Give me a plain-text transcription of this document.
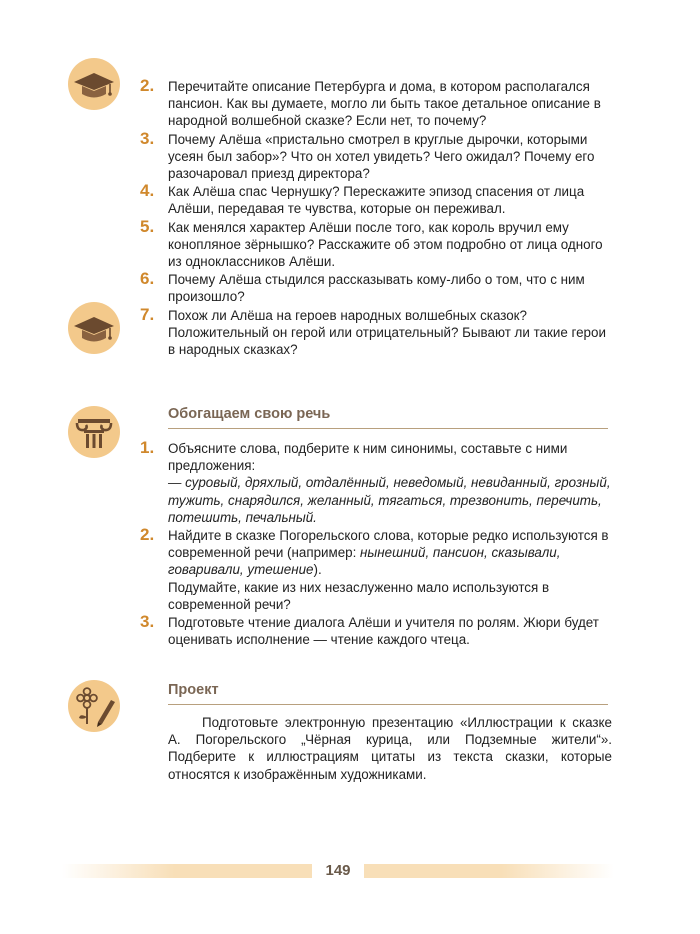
2. Перечитайте описание Петербурга и дома, в котором располагался пансион. Как вы думаете, могло ли быть такое детальное описание в народной волшебной сказке? Если нет, то почему?
3. Почему Алёша «пристально смотрел в круглые дырочки, которыми усеян был забор»? Что он хотел увидеть? Чего ожидал? Почему его разочаровал приезд директора?
4. Как Алёша спас Чернушку? Перескажите эпизод спасения от лица Алёши, передавая те чувства, которые он переживал.
5. Как менялся характер Алёши после того, как король вручил ему конопляное зёрнышко? Расскажите об этом подробно от лица одного из одноклассников Алёши.
6. Почему Алёша стыдился рассказывать кому-либо о том, что с ним произошло?
7. Похож ли Алёша на героев народных волшебных сказок? Положительный он герой или отрицательный? Бывают ли такие герои в народных сказках?
Обогащаем свою речь
1. Объясните слова, подберите к ним синонимы, составьте с ними предложения:
— суровый, дряхлый, отдалённый, неведомый, невиданный, грозный, тужить, снарядился, желанный, тягаться, трезвонить, перечить, потешить, печальный.
2. Найдите в сказке Погорельского слова, которые редко используются в современной речи (например: нынешний, пансион, сказывали, говаривали, утешение).
Подумайте, какие из них незаслуженно мало используются в современной речи?
3. Подготовьте чтение диалога Алёши и учителя по ролям. Жюри будет оценивать исполнение — чтение каждого чтеца.
Проект
Подготовьте электронную презентацию «Иллюстрации к сказке А. Погорельского „Чёрная курица, или Подземные жители“». Подберите к иллюстрациям цитаты из текста сказки, которые относятся к изображённым художниками.
149
